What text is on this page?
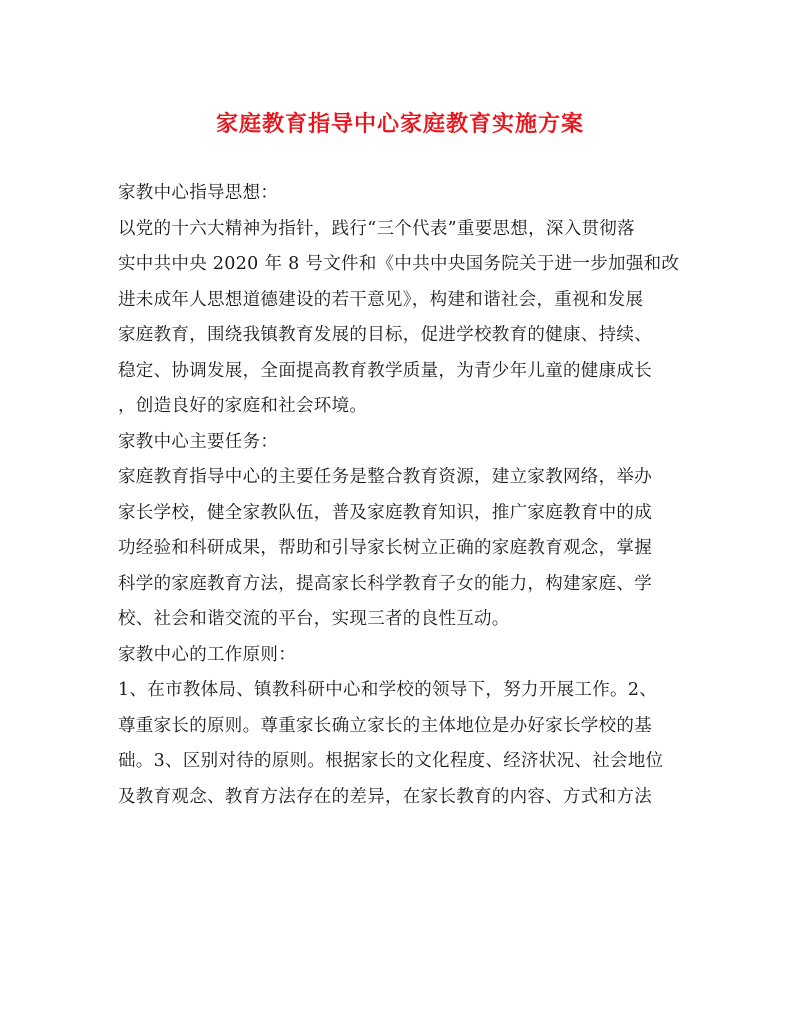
家庭教育指导中心家庭教育实施方案
家教中心指导思想：
以党的十六大精神为指针，践行“三个代表”重要思想，深入贯彻落
实中共中央 2020 年 8 号文件和《中共中央国务院关于进一步加强和改
进未成年人思想道德建设的若干意见》，构建和谐社会，重视和发展
家庭教育，围绕我镇教育发展的目标，促进学校教育的健康、持续、
稳定、协调发展，全面提高教育教学质量，为青少年儿童的健康成长
，创造良好的家庭和社会环境。
家教中心主要任务：
家庭教育指导中心的主要任务是整合教育资源，建立家教网络，举办
家长学校，健全家教队伍，普及家庭教育知识，推广家庭教育中的成
功经验和科研成果，帮助和引导家长树立正确的家庭教育观念，掌握
科学的家庭教育方法，提高家长科学教育子女的能力，构建家庭、学
校、社会和谐交流的平台，实现三者的良性互动。
家教中心的工作原则：
1、在市教体局、镇教科研中心和学校的领导下，努力开展工作。2、
尊重家长的原则。尊重家长确立家长的主体地位是办好家长学校的基
础。3、区别对待的原则。根据家长的文化程度、经济状况、社会地位
及教育观念、教育方法存在的差异，在家长教育的内容、方式和方法
